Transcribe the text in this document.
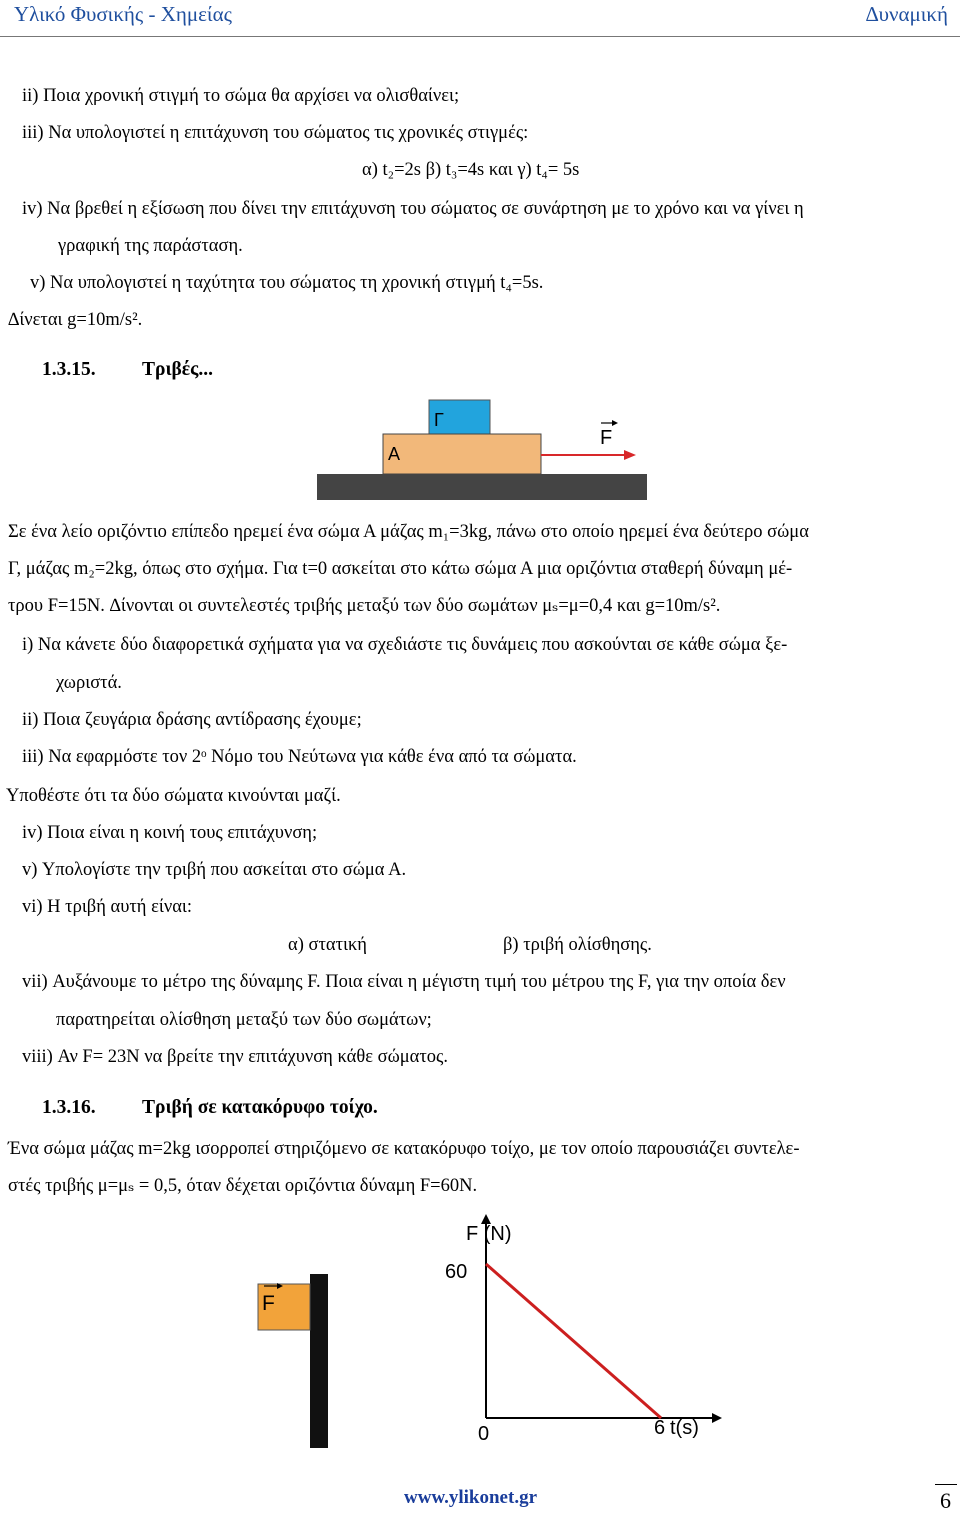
Υλικό Φυσικής - Χημείας	∆υναμική
ii) Ποια χρονική στιγμή το σώμα θα αρχίσει να ολισθαίνει;
iii) Να υπολογιστεί η επιτάχυνση του σώματος τις χρονικές στιγμές:
α) t₂=2s β) t₃=4s και γ) t₄= 5s
iv) Να βρεθεί η εξίσωση που δίνει την επιτάχυνση του σώματος σε συνάρτηση με το χρόνο και να γίνει η
γραφική της παράσταση.
v) Να υπολογιστεί η ταχύτητα του σώματος τη χρονική στιγμή t₄=5s.
∆ίνεται g=10m/s².
1.3.15. Τριβές...
Γ
Α
F
Σε ένα λείο οριζόντιο επίπεδο ηρεμεί ένα σώμα Α μάζας m₁=3kg, πάνω στο οποίο ηρεμεί ένα δεύτερο σώμα
Γ, μάζας m₂=2kg, όπως στο σχήμα. Για t=0 ασκείται στο κάτω σώμα Α μια οριζόντια σταθερή δύναμη μέ-
τρου F=15N. ∆ίνονται οι συντελεστές τριβής μεταξύ των δύο σωμάτων μₛ=μ=0,4 και g=10m/s².
i) Να κάνετε δύο διαφορετικά σχήματα για να σχεδιάστε τις δυνάμεις που ασκούνται σε κάθε σώμα ξε-
χωριστά.
ii) Ποια ζευγάρια δράσης αντίδρασης έχουμε;
iii) Να εφαρμόστε τον 2ᵒ Νόμο του Νεύτωνα για κάθε ένα από τα σώματα.
Υποθέστε ότι τα δύο σώματα κινούνται μαζί.
iv) Ποια είναι η κοινή τους επιτάχυνση;
v) Υπολογίστε την τριβή που ασκείται στο σώμα Α.
vi) Η τριβή αυτή είναι:
α) στατική	β) τριβή ολίσθησης.
vii) Αυξάνουμε το μέτρο της δύναμης F. Ποια είναι η μέγιστη τιμή του μέτρου της F, για την οποία δεν
παρατηρείται ολίσθηση μεταξύ των δύο σωμάτων;
viii) Αν F= 23N να βρείτε την επιτάχυνση κάθε σώματος.
1.3.16. Τριβή σε κατακόρυφο τοίχο.
Ένα σώμα μάζας m=2kg ισορροπεί στηριζόμενο σε κατακόρυφο τοίχο, με τον οποίο παρουσιάζει συντελε-
στές τριβής μ=μₛ = 0,5, όταν δέχεται οριζόντια δύναμη F=60N.
F
F (N)
60
0	6 t(s)
www.ylikonet.gr	6
